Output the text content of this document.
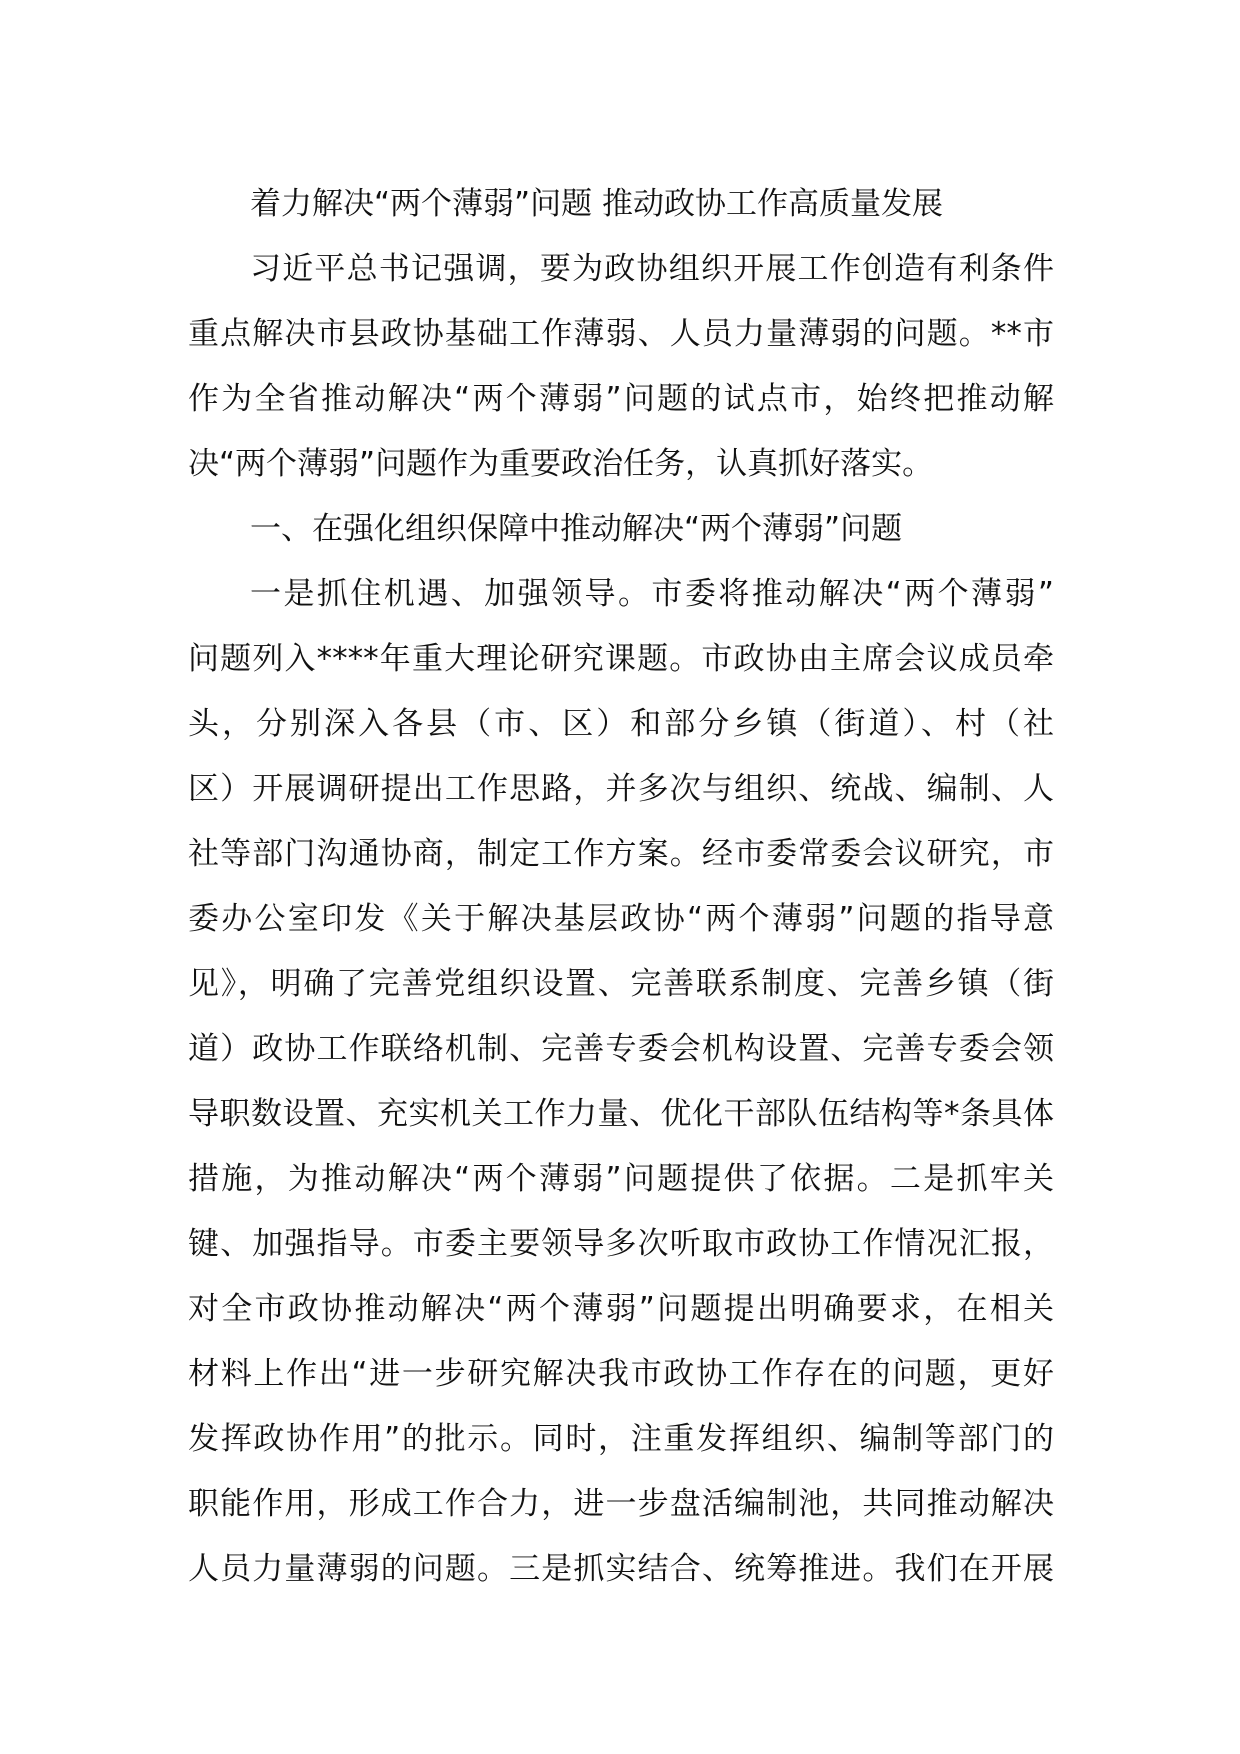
着力解决“两个薄弱”问题 推动政协工作高质量发展
习近平总书记强调，要为政协组织开展工作创造有利条件
重点解决市县政协基础工作薄弱、人员力量薄弱的问题。**市
作为全省推动解决“两个薄弱”问题的试点市，始终把推动解
决“两个薄弱”问题作为重要政治任务，认真抓好落实。
一、在强化组织保障中推动解决“两个薄弱”问题
一是抓住机遇、加强领导。市委将推动解决“两个薄弱”
问题列入****年重大理论研究课题。市政协由主席会议成员牵
头，分别深入各县（市、区）和部分乡镇（街道）、村（社
区）开展调研提出工作思路，并多次与组织、统战、编制、人
社等部门沟通协商，制定工作方案。经市委常委会议研究，市
委办公室印发《关于解决基层政协“两个薄弱”问题的指导意
见》，明确了完善党组织设置、完善联系制度、完善乡镇（街
道）政协工作联络机制、完善专委会机构设置、完善专委会领
导职数设置、充实机关工作力量、优化干部队伍结构等*条具体
措施，为推动解决“两个薄弱”问题提供了依据。二是抓牢关
键、加强指导。市委主要领导多次听取市政协工作情况汇报，
对全市政协推动解决“两个薄弱”问题提出明确要求，在相关
材料上作出“进一步研究解决我市政协工作存在的问题，更好
发挥政协作用”的批示。同时，注重发挥组织、编制等部门的
职能作用，形成工作合力，进一步盘活编制池，共同推动解决
人员力量薄弱的问题。三是抓实结合、统筹推进。我们在开展
